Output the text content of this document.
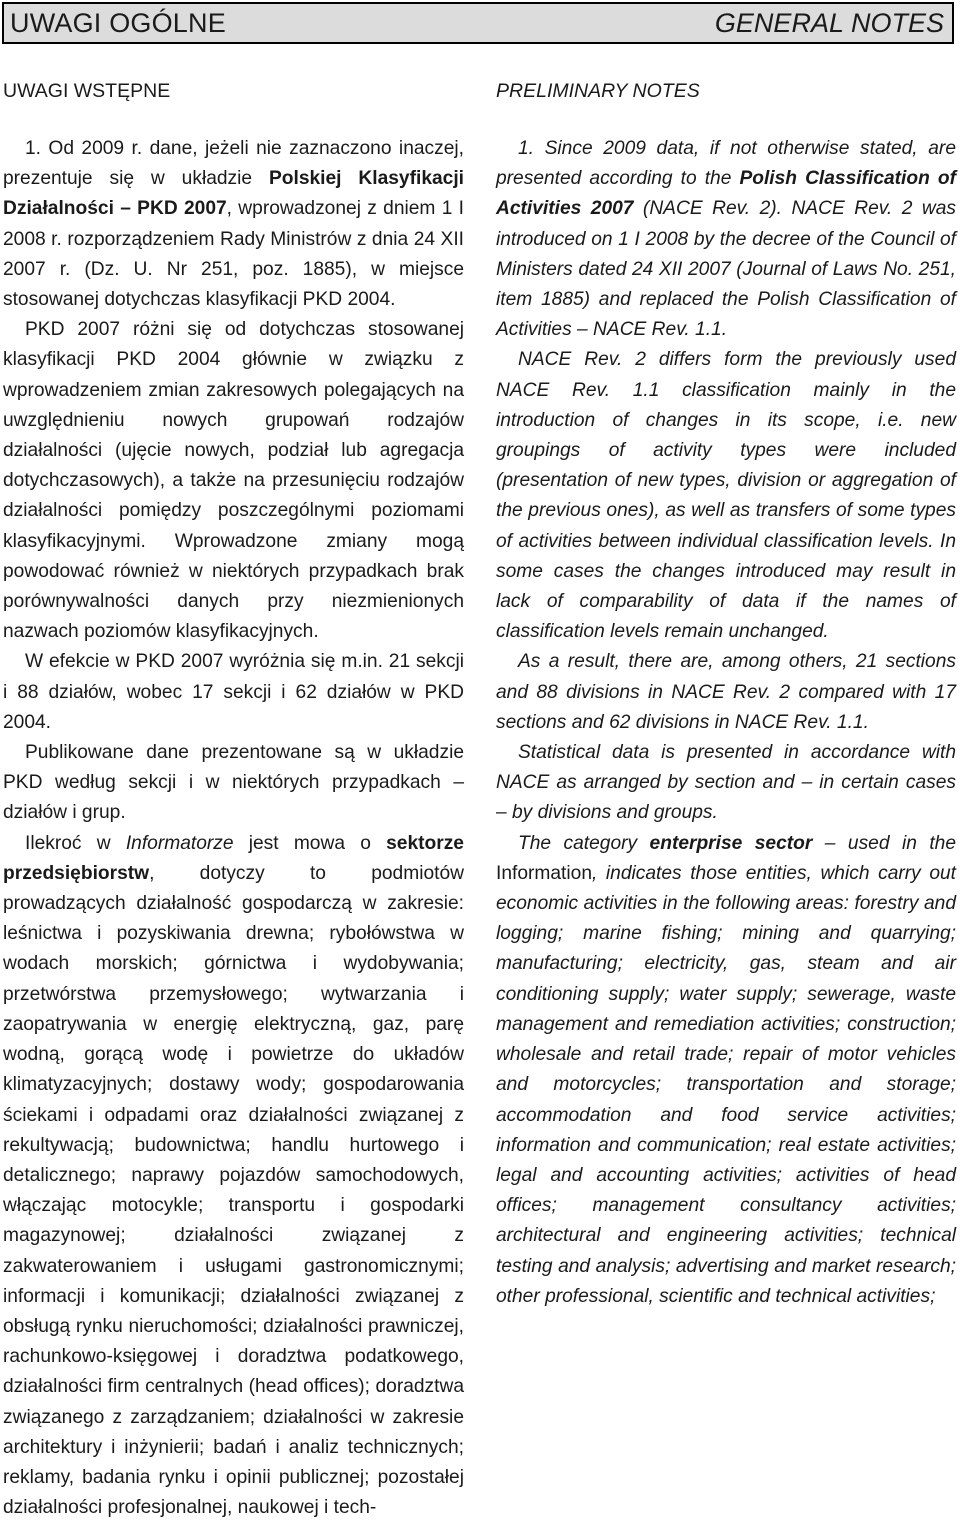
UWAGI OGÓLNE	GENERAL NOTES
UWAGI WSTĘPNE

1. Od 2009 r. dane, jeżeli nie zaznaczono inaczej, prezentuje się w układzie Polskiej Klasyfikacji Działalności – PKD 2007, wprowadzonej z dniem 1 I 2008 r. rozporządzeniem Rady Ministrów z dnia 24 XII 2007 r. (Dz. U. Nr 251, poz. 1885), w miejsce stosowanej dotychczas klasyfikacji PKD 2004.

PKD 2007 różni się od dotychczas stosowanej klasyfikacji PKD 2004 głównie w związku z wprowadzeniem zmian zakresowych polegających na uwzględnieniu nowych grupowań rodzajów działalności (ujęcie nowych, podział lub agregacja dotychczasowych), a także na przesunięciu rodzajów działalności pomiędzy poszczególnymi poziomami klasyfikacyjnymi. Wprowadzone zmiany mogą powodować również w niektórych przypadkach brak porównywalności danych przy niezmienionych nazwach poziomów klasyfikacyjnych.

W efekcie w PKD 2007 wyróżnia się m.in. 21 sekcji i 88 działów, wobec 17 sekcji i 62 działów w PKD 2004.

Publikowane dane prezentowane są w układzie PKD według sekcji i w niektórych przypadkach – działów i grup.

Ilekroć w Informatorze jest mowa o sektorze przedsiębiorstw, dotyczy to podmiotów prowadzących działalność gospodarczą w zakresie: leśnictwa i pozyskiwania drewna; rybołówstwa w wodach morskich; górnictwa i wydobywania; przetwórstwa przemysłowego; wytwarzania i zaopatrywania w energię elektryczną, gaz, parę wodną, gorącą wodę i powietrze do układów klimatyzacyjnych; dostawy wody; gospodarowania ściekami i odpadami oraz działalności związanej z rekultywacją; budownictwa; handlu hurtowego i detalicznego; naprawy pojazdów samochodowych, włączając motocykle; transportu i gospodarki magazynowej; działalności związanej z zakwaterowaniem i usługami gastronomicznymi; informacji i komunikacji; działalności związanej z obsługą rynku nieruchomości; działalności prawniczej, rachunkowo-księgowej i doradztwa podatkowego, działalności firm centralnych (head offices); doradztwa związanego z zarządzaniem; działalności w zakresie architektury i inżynierii; badań i analiz technicznych; reklamy, badania rynku i opinii publicznej; pozostałej działalności profesjonalnej, naukowej i tech-

PRELIMINARY NOTES

1. Since 2009 data, if not otherwise stated, are presented according to the Polish Classification of Activities 2007 (NACE Rev. 2). NACE Rev. 2 was introduced on 1 I 2008 by the decree of the Council of Ministers dated 24 XII 2007 (Journal of Laws No. 251, item 1885) and replaced the Polish Classification of Activities – NACE Rev. 1.1.

NACE Rev. 2 differs form the previously used NACE Rev. 1.1 classification mainly in the introduction of changes in its scope, i.e. new groupings of activity types were included (presentation of new types, division or aggregation of the previous ones), as well as transfers of some types of activities between individual classification levels. In some cases the changes introduced may result in lack of comparability of data if the names of classification levels remain unchanged.

As a result, there are, among others, 21 sections and 88 divisions in NACE Rev. 2 compared with 17 sections and 62 divisions in NACE Rev. 1.1.

Statistical data is presented in accordance with NACE as arranged by section and – in certain cases – by divisions and groups.

The category enterprise sector – used in the Information, indicates those entities, which carry out economic activities in the following areas: forestry and logging; marine fishing; mining and quarrying; manufacturing; electricity, gas, steam and air conditioning supply; water supply; sewerage, waste management and remediation activities; construction; wholesale and retail trade; repair of motor vehicles and motorcycles; transportation and storage; accommodation and food service activities; information and communication; real estate activities; legal and accounting activities; activities of head offices; management consultancy activities; architectural and engineering activities; technical testing and analysis; advertising and market research; other professional, scientific and technical activities;
